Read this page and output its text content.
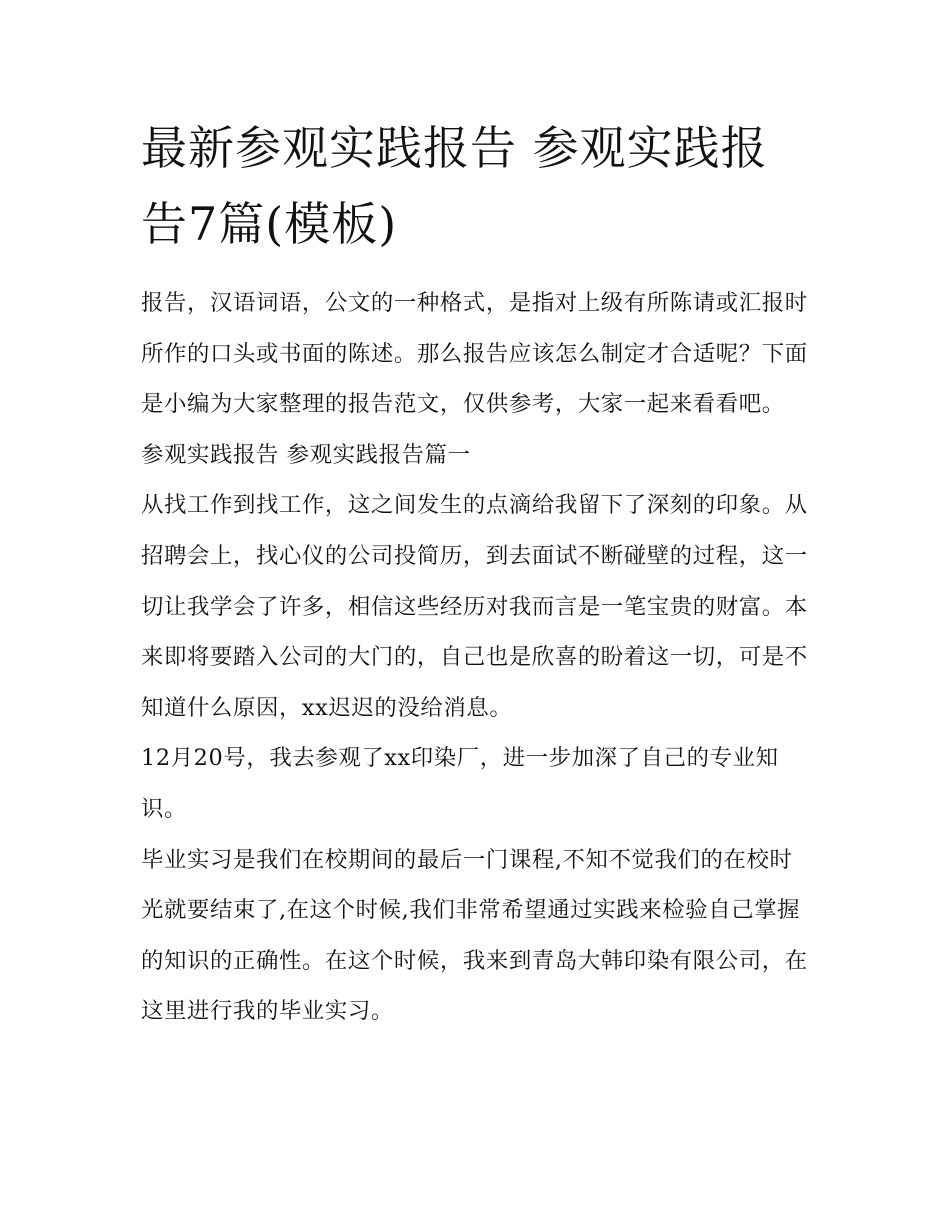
最新参观实践报告 参观实践报告7篇(模板)

报告，汉语词语，公文的一种格式，是指对上级有所陈请或汇报时所作的口头或书面的陈述。那么报告应该怎么制定才合适呢？下面是小编为大家整理的报告范文，仅供参考，大家一起来看看吧。

参观实践报告 参观实践报告篇一

从找工作到找工作，这之间发生的点滴给我留下了深刻的印象。从招聘会上，找心仪的公司投简历，到去面试不断碰壁的过程，这一切让我学会了许多，相信这些经历对我而言是一笔宝贵的财富。本来即将要踏入公司的大门的，自己也是欣喜的盼着这一切，可是不知道什么原因，xx迟迟的没给消息。

12月20号，我去参观了xx印染厂，进一步加深了自己的专业知识。

毕业实习是我们在校期间的最后一门课程,不知不觉我们的在校时光就要结束了,在这个时候,我们非常希望通过实践来检验自己掌握的知识的正确性。在这个时候，我来到青岛大韩印染有限公司，在这里进行我的毕业实习。
